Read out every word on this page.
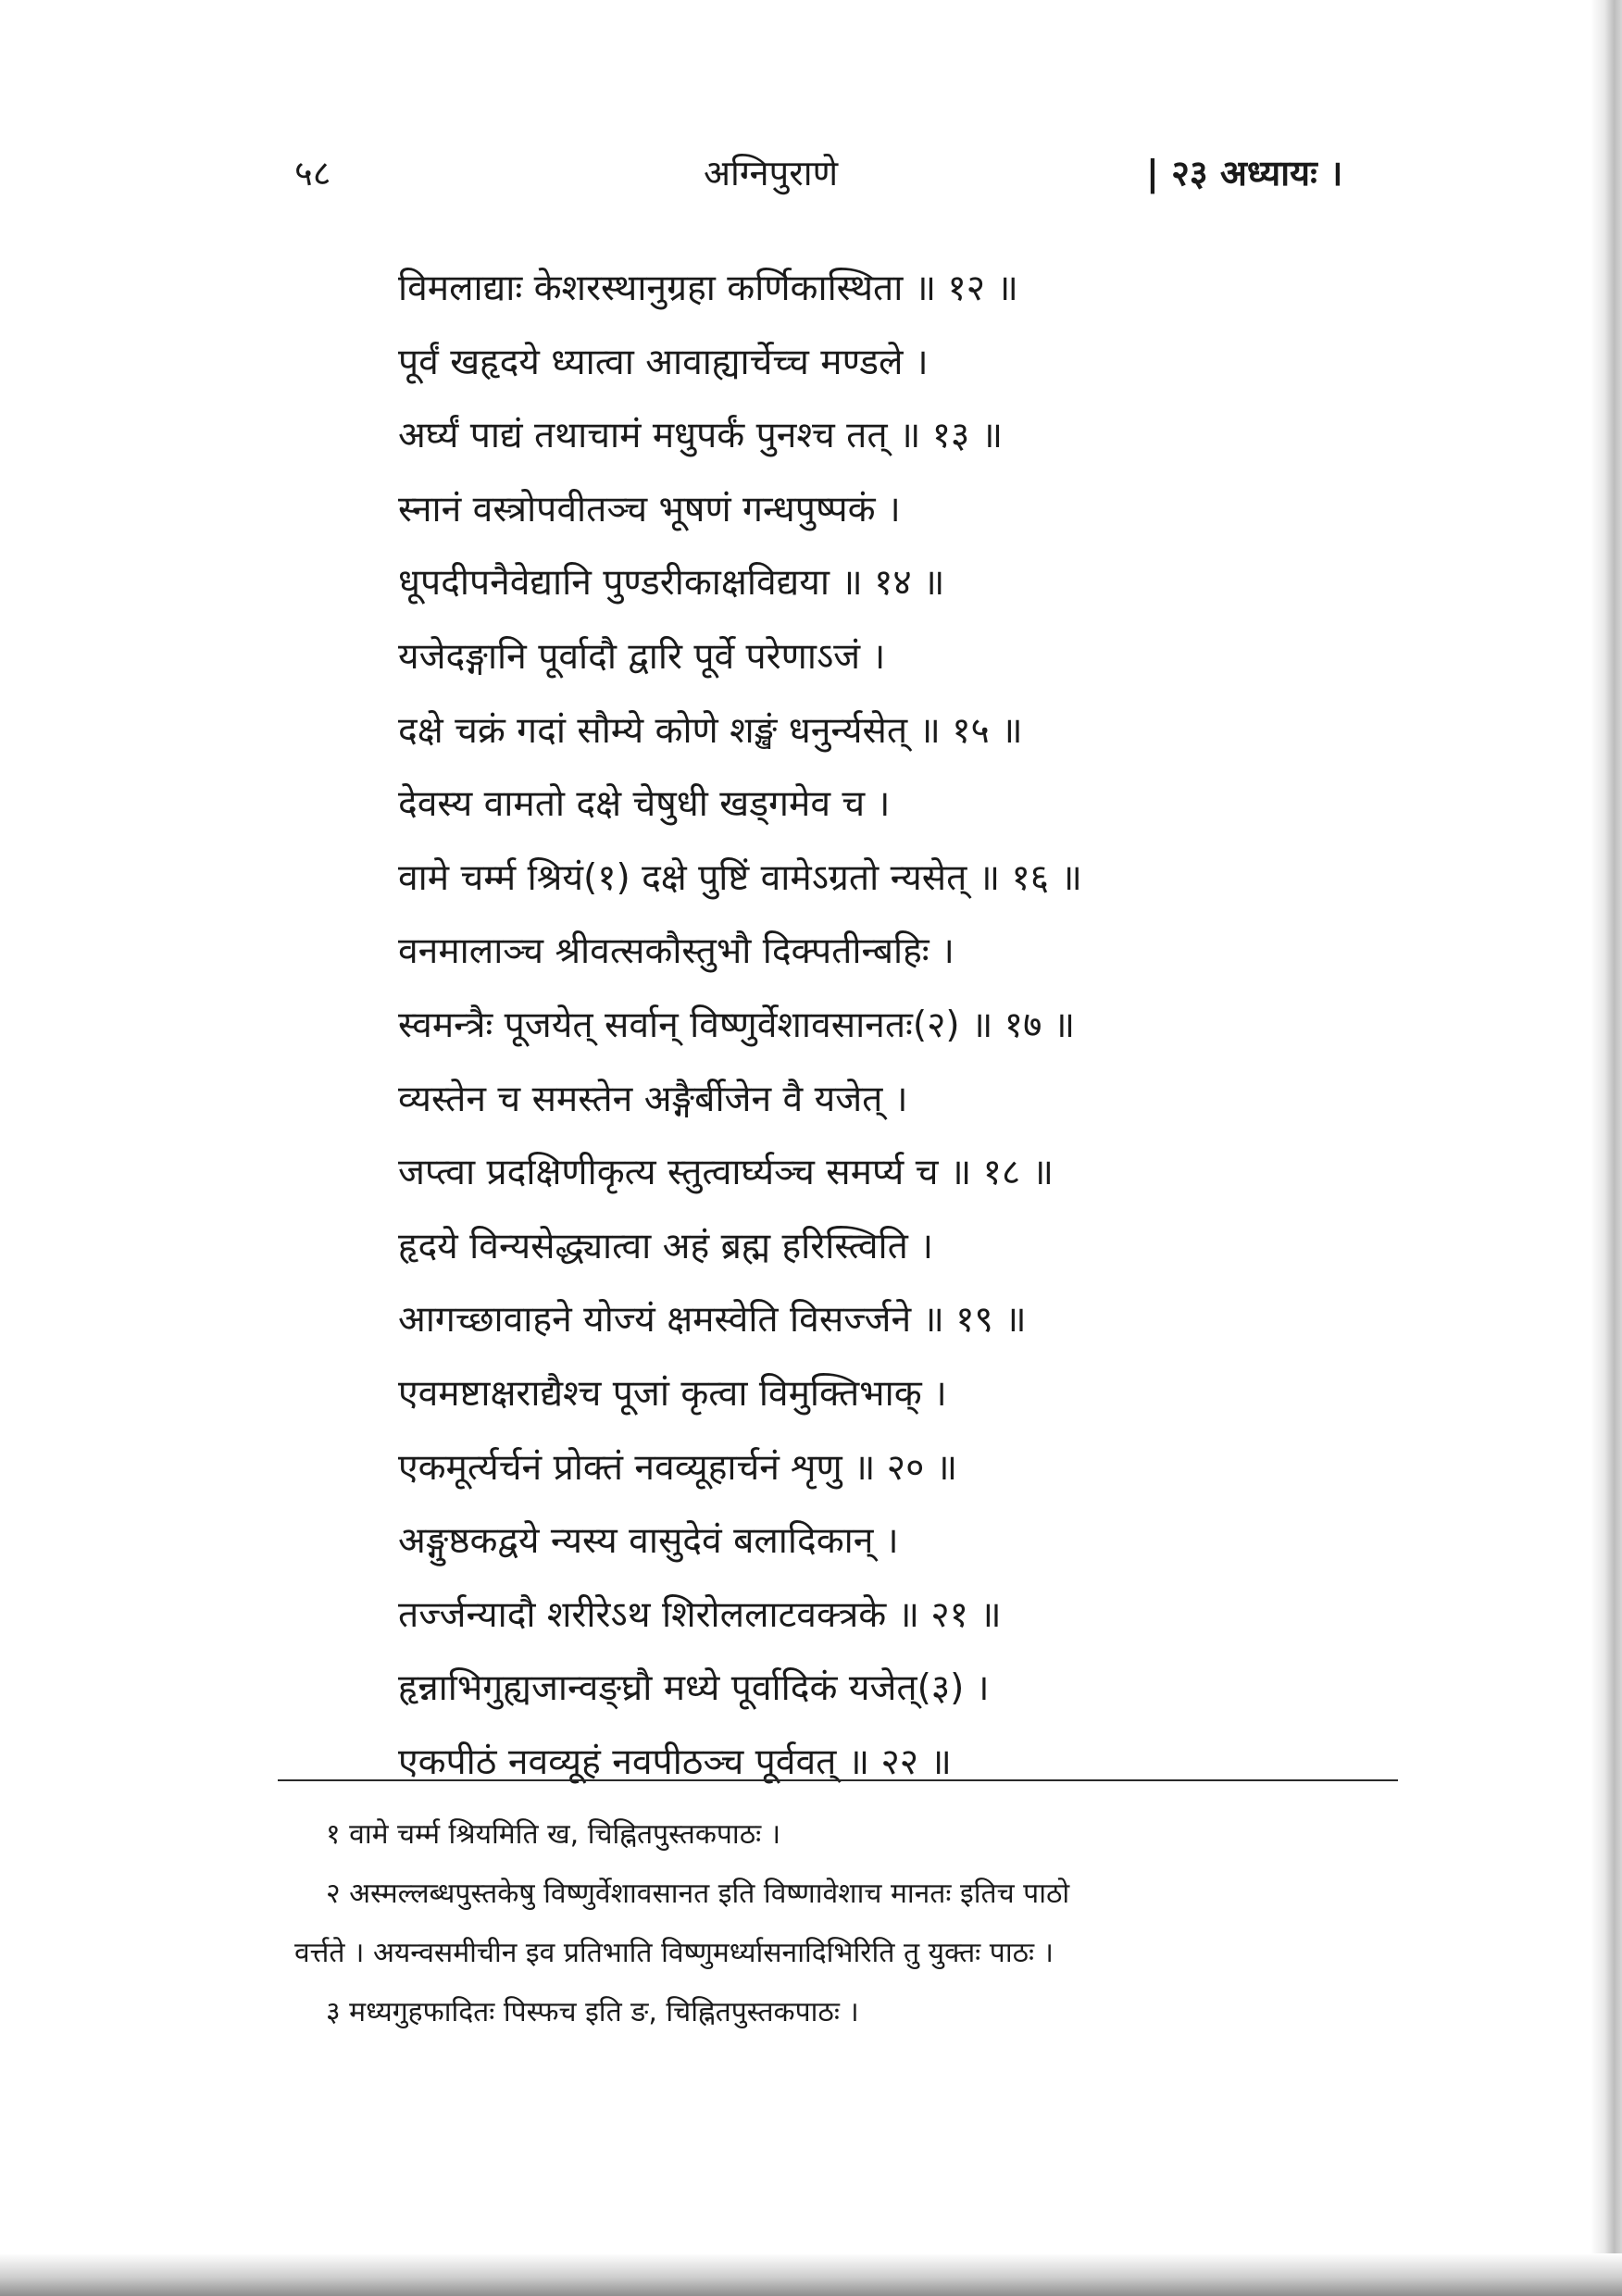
५८	अग्निपुराणे	| २३ अध्यायः ।
विमलाद्याः केशरस्थानुग्रहा कर्णिकास्थिता ॥ १२ ॥
पूर्वं खहृदये ध्यात्वा आवाह्यार्चेच्च मण्डले ।
अर्घ्यं पाद्यं तथाचामं मधुपर्कं पुनश्च तत् ॥ १३ ॥
स्नानं वस्त्रोपवीतञ्च भूषणं गन्धपुष्पकं ।
धूपदीपनैवेद्यानि पुण्डरीकाक्षविद्यया ॥ १४ ॥
यजेदङ्गानि पूर्वादौ द्वारि पूर्वे परेणाऽजं ।
दक्षे चक्रं गदां सौम्ये कोणे शङ्खं धनुर्न्यसेत् ॥ १५ ॥
देवस्य वामतो दक्षे चेषुधी खड्गमेव च ।
वामे चर्म्म श्रियं(१) दक्षे पुष्टिं वामेऽग्रतो न्यसेत् ॥ १६ ॥
वनमालाञ्च श्रीवत्सकौस्तुभौ दिक्पतीन्बहिः ।
स्वमन्त्रैः पूजयेत् सर्वान् विष्णुर्वेशावसानतः(२) ॥ १७ ॥
व्यस्तेन च समस्तेन अङ्गैर्बीजेन वै यजेत् ।
जप्त्वा प्रदक्षिणीकृत्य स्तुत्वार्घ्यञ्च समर्प्य च ॥ १८ ॥
हृदये विन्यसेद्ध्यात्वा अहं ब्रह्म हरिस्त्विति ।
आगच्छावाहने योज्यं क्षमस्वेति विसर्ज्जने ॥ १९ ॥
एवमष्टाक्षराद्यैश्च पूजां कृत्वा विमुक्तिभाक् ।
एकमूर्त्यर्चनं प्रोक्तं नवव्यूहार्चनं शृणु ॥ २० ॥
अङ्गुष्ठकद्वये न्यस्य वासुदेवं बलादिकान् ।
तर्ज्जन्यादौ शरीरेऽथ शिरोललाटवक्त्रके ॥ २१ ॥
हृन्नाभिगुह्यजान्वङ्घ्रौ मध्ये पूर्वादिकं यजेत्(३) ।
एकपीठं नवव्यूहं नवपीठञ्च पूर्ववत् ॥ २२ ॥
१ वामे चर्म्म श्रियमिति ख, चिह्नितपुस्तकपाठः ।
२ अस्मल्लब्धपुस्तकेषु विष्णुर्वेशावसानत इति विष्णावेशाच मानतः इतिच पाठो
वर्त्तते । अयन्वसमीचीन इव प्रतिभाति विष्णुमर्ध्यासनादिभिरिति तु युक्तः पाठः ।
३ मध्यगुहफादितः पिस्फच इति ङ, चिह्नितपुस्तकपाठः ।
